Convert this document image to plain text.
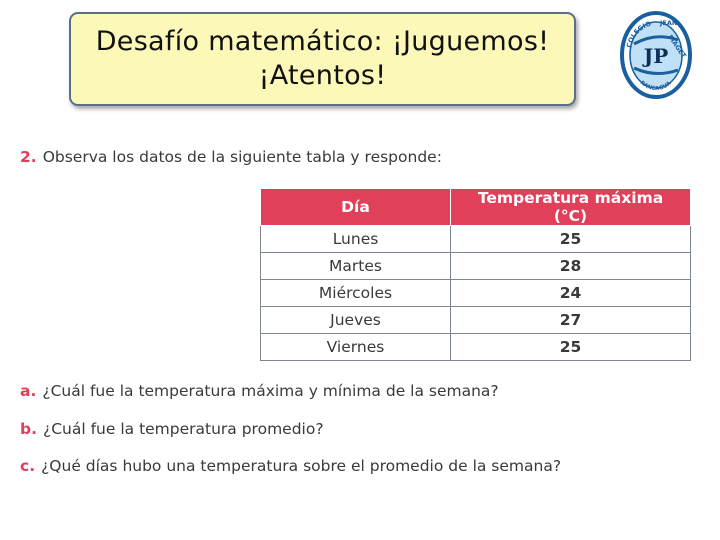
Desafío matemático: ¡Juguemos!
¡Atentos!
JP
COLEGIO JEAN
PIAGET
RANCAGUA
2. Observa los datos de la siguiente tabla y responde:
Día	Temperatura máxima (°C)
Lunes	25
Martes	28
Miércoles	24
Jueves	27
Viernes	25
a. ¿Cuál fue la temperatura máxima y mínima de la semana?
b. ¿Cuál fue la temperatura promedio?
c. ¿Qué días hubo una temperatura sobre el promedio de la semana?
